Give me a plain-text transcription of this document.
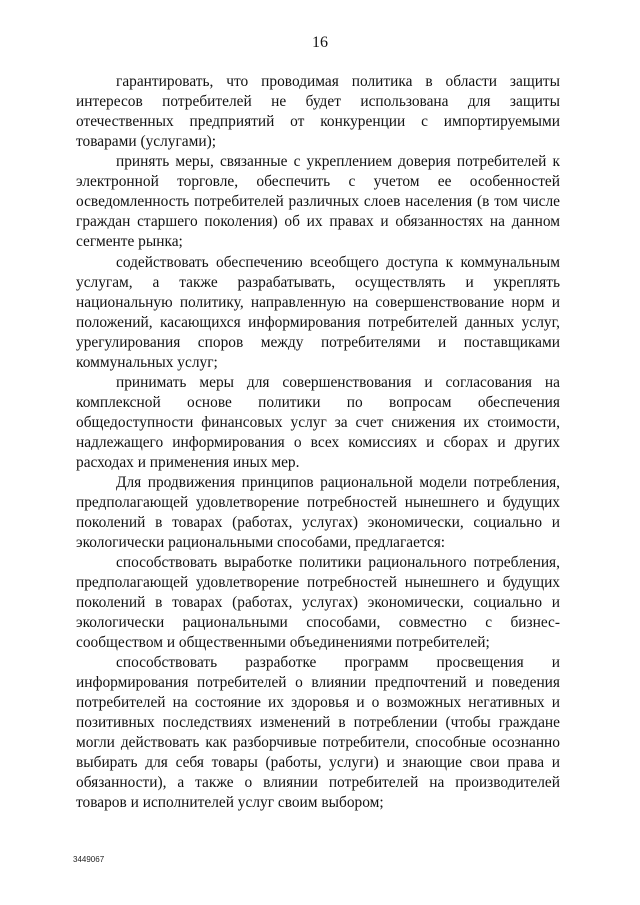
16

гарантировать, что проводимая политика в области защиты интересов потребителей не будет использована для защиты отечественных предприятий от конкуренции с импортируемыми товарами (услугами);

принять меры, связанные с укреплением доверия потребителей к электронной торговле, обеспечить с учетом ее особенностей осведомленность потребителей различных слоев населения (в том числе граждан старшего поколения) об их правах и обязанностях на данном сегменте рынка;

содействовать обеспечению всеобщего доступа к коммунальным услугам, а также разрабатывать, осуществлять и укреплять национальную политику, направленную на совершенствование норм и положений, касающихся информирования потребителей данных услуг, урегулирования споров между потребителями и поставщиками коммунальных услуг;

принимать меры для совершенствования и согласования на комплексной основе политики по вопросам обеспечения общедоступности финансовых услуг за счет снижения их стоимости, надлежащего информирования о всех комиссиях и сборах и других расходах и применения иных мер.

Для продвижения принципов рациональной модели потребления, предполагающей удовлетворение потребностей нынешнего и будущих поколений в товарах (работах, услугах) экономически, социально и экологически рациональными способами, предлагается:

способствовать выработке политики рационального потребления, предполагающей удовлетворение потребностей нынешнего и будущих поколений в товарах (работах, услугах) экономически, социально и экологически рациональными способами, совместно с бизнес-сообществом и общественными объединениями потребителей;

способствовать разработке программ просвещения и информирования потребителей о влиянии предпочтений и поведения потребителей на состояние их здоровья и о возможных негативных и позитивных последствиях изменений в потреблении (чтобы граждане могли действовать как разборчивые потребители, способные осознанно выбирать для себя товары (работы, услуги) и знающие свои права и обязанности), а также о влиянии потребителей на производителей товаров и исполнителей услуг своим выбором;

3449067
